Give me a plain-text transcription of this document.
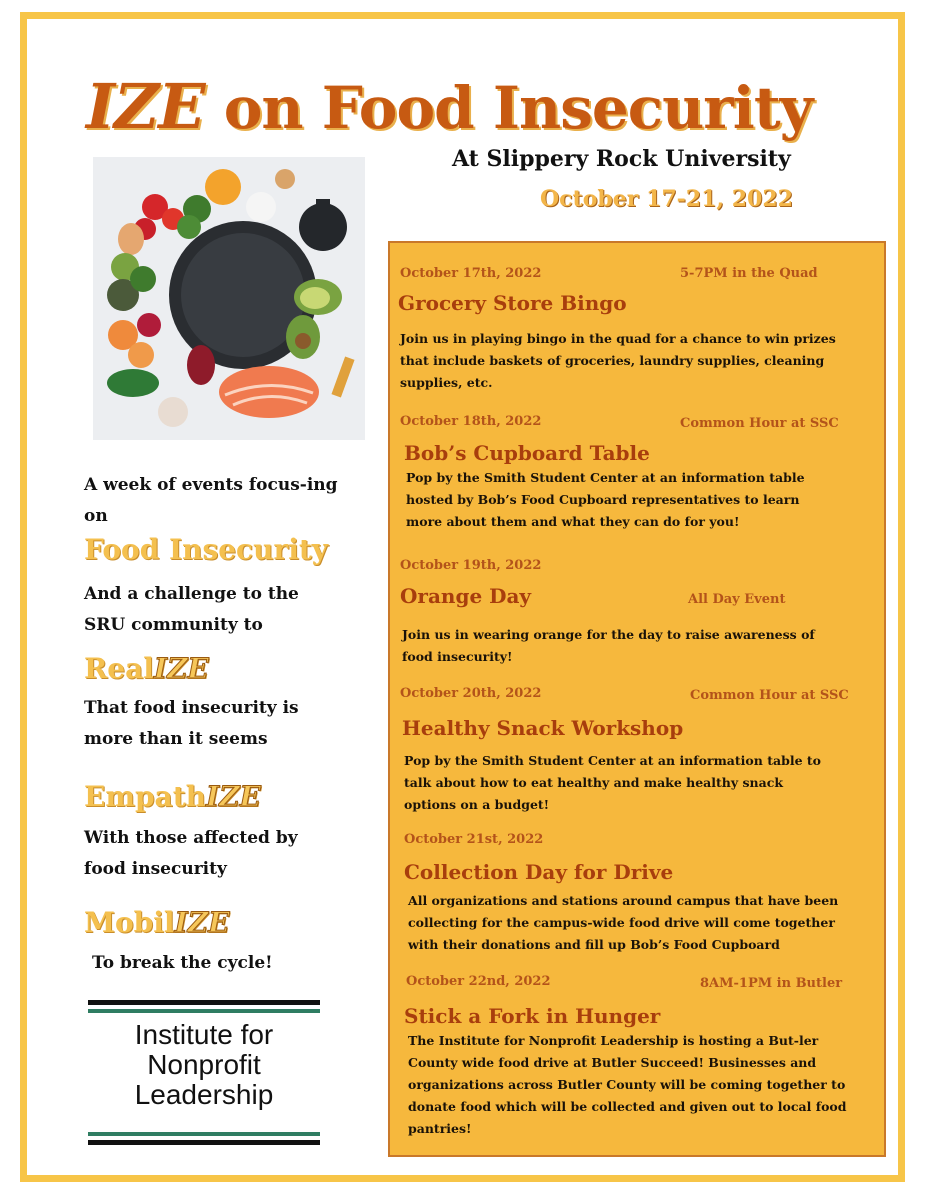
IZE on Food Insecurity
At Slippery Rock University
October 17-21, 2022
A week of events focus-ing on
Food Insecurity
And a challenge to the SRU community to
RealIZE
That food insecurity is more than it seems
EmpathIZE
With those affected by food insecurity
MobilIZE
To break the cycle!
Institute for Nonprofit Leadership
October 17th, 2022	5-7PM in the Quad
Grocery Store Bingo
Join us in playing bingo in the quad for a chance to win prizes that include baskets of groceries, laundry supplies, cleaning supplies, etc.
October 18th, 2022	Common Hour at SSC
Bob’s Cupboard Table
Pop by the Smith Student Center at an information table hosted by Bob’s Food Cupboard representatives to learn more about them and what they can do for you!
October 19th, 2022
Orange Day	All Day Event
Join us in wearing orange for the day to raise awareness of food insecurity!
October 20th, 2022	Common Hour at SSC
Healthy Snack Workshop
Pop by the Smith Student Center at an information table to talk about how to eat healthy and make healthy snack options on a budget!
October 21st, 2022
Collection Day for Drive
All organizations and stations around campus that have been collecting for the campus-wide food drive will come together with their donations and fill up Bob’s Food Cupboard
October 22nd, 2022	8AM-1PM in Butler
Stick a Fork in Hunger
The Institute for Nonprofit Leadership is hosting a But-ler County wide food drive at Butler Succeed! Businesses and organizations across Butler County will be coming together to donate food which will be collected and given out to local food pantries!
